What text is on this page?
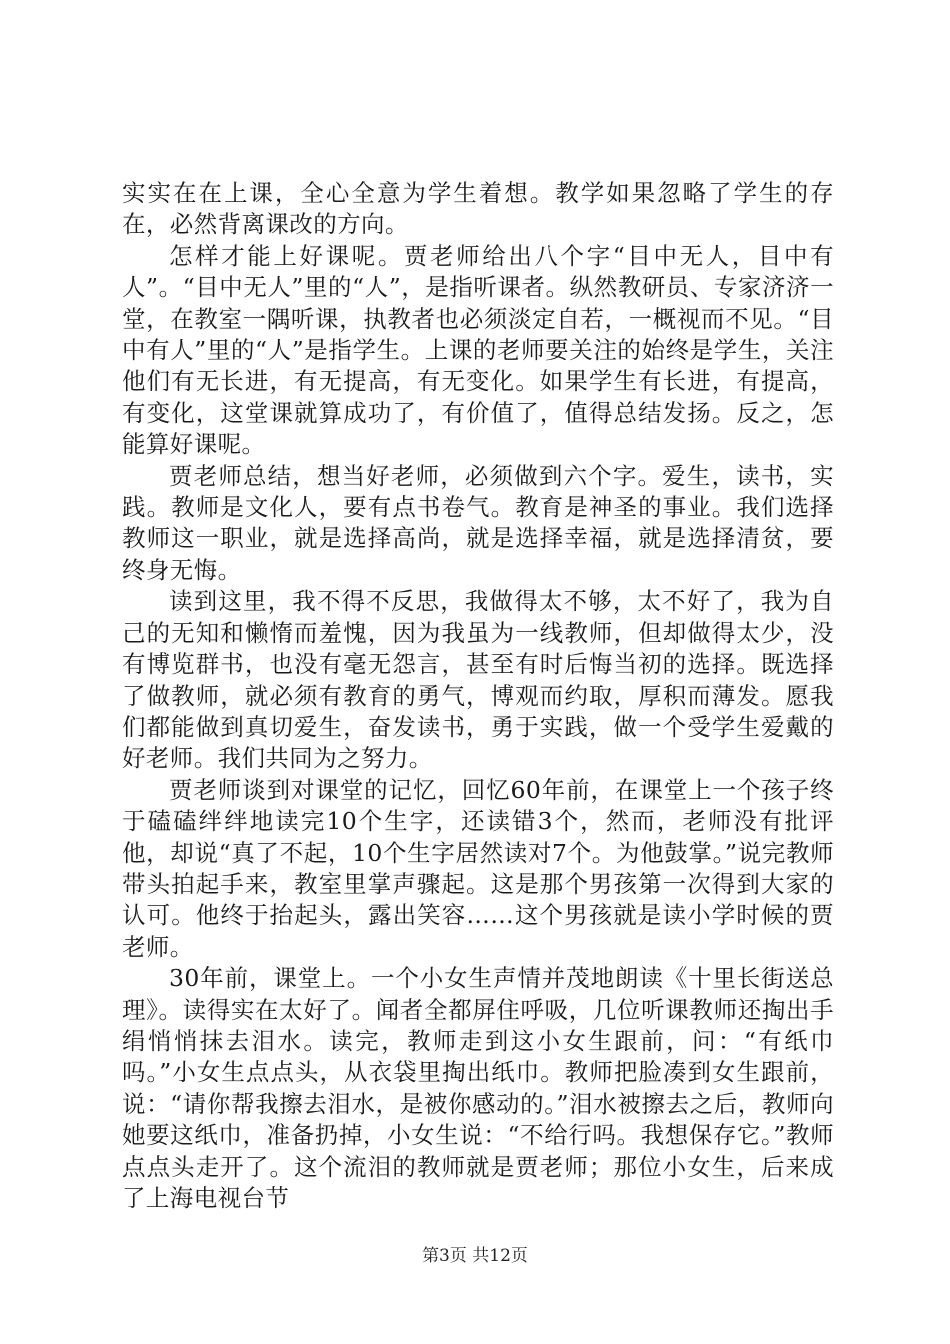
实实在在上课，全心全意为学生着想。教学如果忽略了学生的存在，必然背离课改的方向。

怎样才能上好课呢。贾老师给出八个字“目中无人，目中有人”。“目中无人”里的“人”，是指听课者。纵然教研员、专家济济一堂，在教室一隅听课，执教者也必须淡定自若，一概视而不见。“目中有人”里的“人”是指学生。上课的老师要关注的始终是学生，关注他们有无长进，有无提高，有无变化。如果学生有长进，有提高，有变化，这堂课就算成功了，有价值了，值得总结发扬。反之，怎能算好课呢。

贾老师总结，想当好老师，必须做到六个字。爱生，读书，实践。教师是文化人，要有点书卷气。教育是神圣的事业。我们选择教师这一职业，就是选择高尚，就是选择幸福，就是选择清贫，要终身无悔。

读到这里，我不得不反思，我做得太不够，太不好了，我为自己的无知和懒惰而羞愧，因为我虽为一线教师，但却做得太少，没有博览群书，也没有毫无怨言，甚至有时后悔当初的选择。既选择了做教师，就必须有教育的勇气，博观而约取，厚积而薄发。愿我们都能做到真切爱生，奋发读书，勇于实践，做一个受学生爱戴的好老师。我们共同为之努力。

贾老师谈到对课堂的记忆，回忆60年前，在课堂上一个孩子终于磕磕绊绊地读完10个生字，还读错3个，然而，老师没有批评他，却说“真了不起，10个生字居然读对7个。为他鼓掌。”说完教师带头拍起手来，教室里掌声骤起。这是那个男孩第一次得到大家的认可。他终于抬起头，露出笑容……这个男孩就是读小学时候的贾老师。

30年前，课堂上。一个小女生声情并茂地朗读《十里长街送总理》。读得实在太好了。闻者全都屏住呼吸，几位听课教师还掏出手绢悄悄抹去泪水。读完，教师走到这小女生跟前，问：“有纸巾吗。”小女生点点头，从衣袋里掏出纸巾。教师把脸凑到女生跟前，说：“请你帮我擦去泪水，是被你感动的。”泪水被擦去之后，教师向她要这纸巾，准备扔掉，小女生说：“不给行吗。我想保存它。”教师点点头走开了。这个流泪的教师就是贾老师；那位小女生，后来成了上海电视台节

第3页 共12页
